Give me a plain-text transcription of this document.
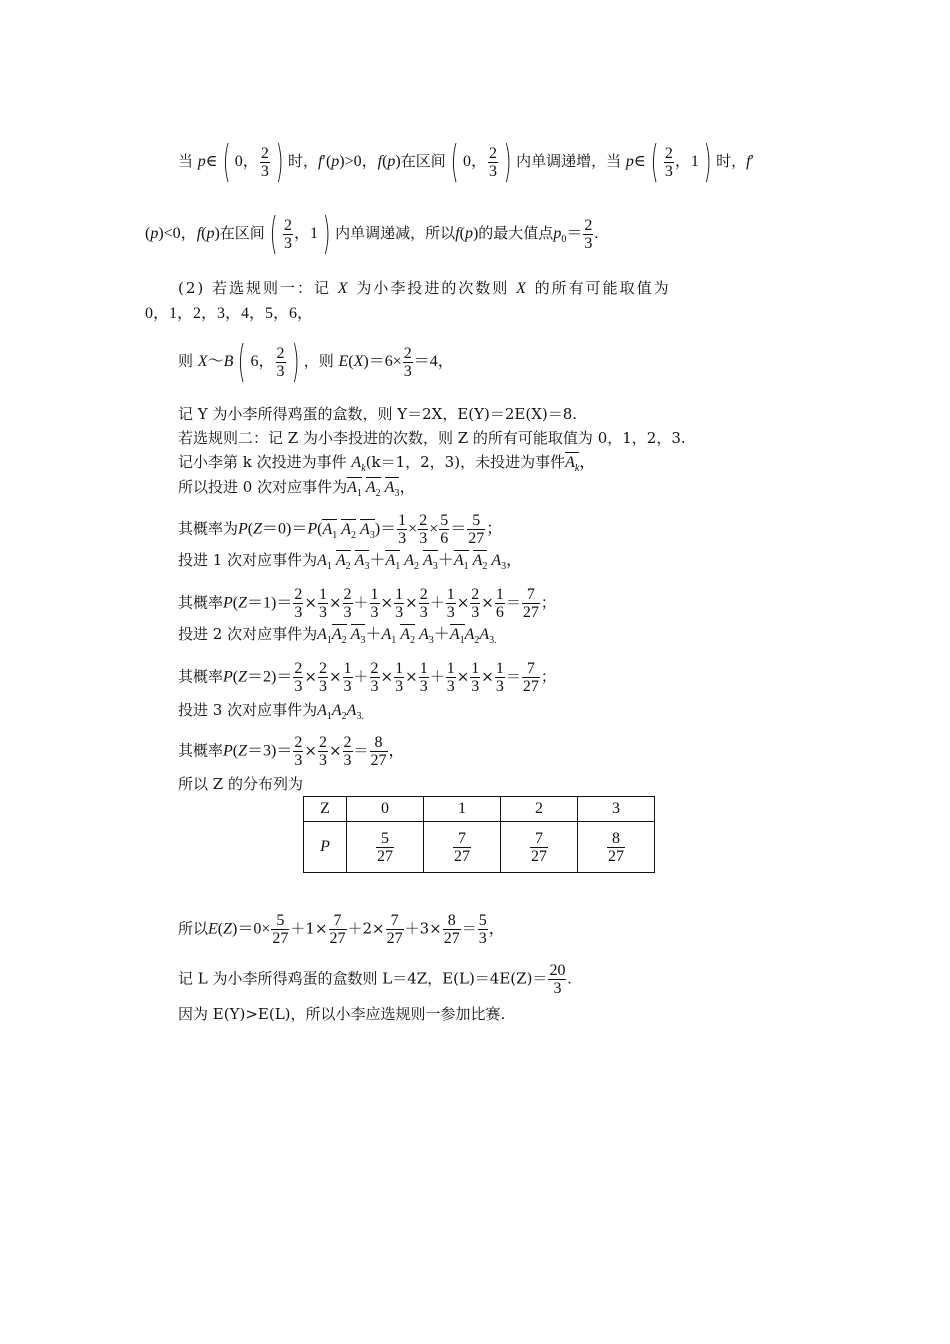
当 p∈ ( 0， $\frac{2}{3}$ ) 时，f′(p)>0，f(p)在区间 ( 0， $\frac{2}{3}$ ) 内单调递增，当 p∈ ( $\frac{2}{3}$ ，1 ) 时，f′
(p)<0，f(p)在区间 ( $\frac{2}{3}$ ，1 ) 内单调递减，所以f(p)的最大值点$p_0= \frac{2}{3}$ .
(2) 若选规则一：记 X 为小李投进的次数则 X 的所有可能取值为
0，1，2，3，4，5，6，
则 X～B ( 6， $\frac{2}{3}$ ) ，则 $E(X)=6\times \frac{2}{3} =4$，
记 Y 为小李所得鸡蛋的盒数，则 Y＝2X，E(Y)＝2E(X)＝8.
若选规则二：记 Z 为小李投进的次数，则 Z 的所有可能取值为 0，1，2，3.
记小李第 k 次投进为事件 $A_k(k=1$，2，3)，未投进为事件$A_k$，
所以投进 0 次对应事件为$A_1$ $A_2$ $A_3$，
其概率为$P(Z=0)=P(A_1$ $A_2$ $A_3)= \frac{1}{3} \times \frac{2}{3} \times \frac{5}{6} = \frac{5}{27}$ ；
投进 1 次对应事件为$A_1$ $A_2$ $A_3+A_1$ $A_2$ $A_3+A_1$ $A_2$ $A_3$，
其概率$P(Z=1)= \frac{2}{3} \times \frac{1}{3} \times \frac{2}{3} + \frac{1}{3} \times \frac{1}{3} \times \frac{2}{3} + \frac{1}{3} \times \frac{2}{3} \times \frac{1}{6} = \frac{7}{27}$ ；
投进 2 次对应事件为$A_1A_2$ $A_3+A_1$ $A_2$ $A_3+A_1A_2A_{3.}$
其概率$P(Z=2)= \frac{2}{3} \times \frac{2}{3} \times \frac{1}{3} + \frac{2}{3} \times \frac{1}{3} \times \frac{1}{3} + \frac{1}{3} \times \frac{1}{3} \times \frac{1}{3} = \frac{7}{27}$ ；
投进 3 次对应事件为$A_1A_2A_{3.}$
其概率$P(Z=3)= \frac{2}{3} \times \frac{2}{3} \times \frac{2}{3} = \frac{8}{27}$ ，
所以 Z 的分布列为
Z	0	1	2	3
P	$\frac{5}{27}$	$\frac{7}{27}$	$\frac{7}{27}$	$\frac{8}{27}$
所以$E(Z)=0\times \frac{5}{27} +1\times \frac{7}{27} +2\times \frac{7}{27} +3\times \frac{8}{27} = \frac{5}{3}$ ，
记 L 为小李所得鸡蛋的盒数则 L＝4Z，$E(L)=4E(Z)= \frac{20}{3}$ .
因为 E(Y)>E(L)，所以小李应选规则一参加比赛.
